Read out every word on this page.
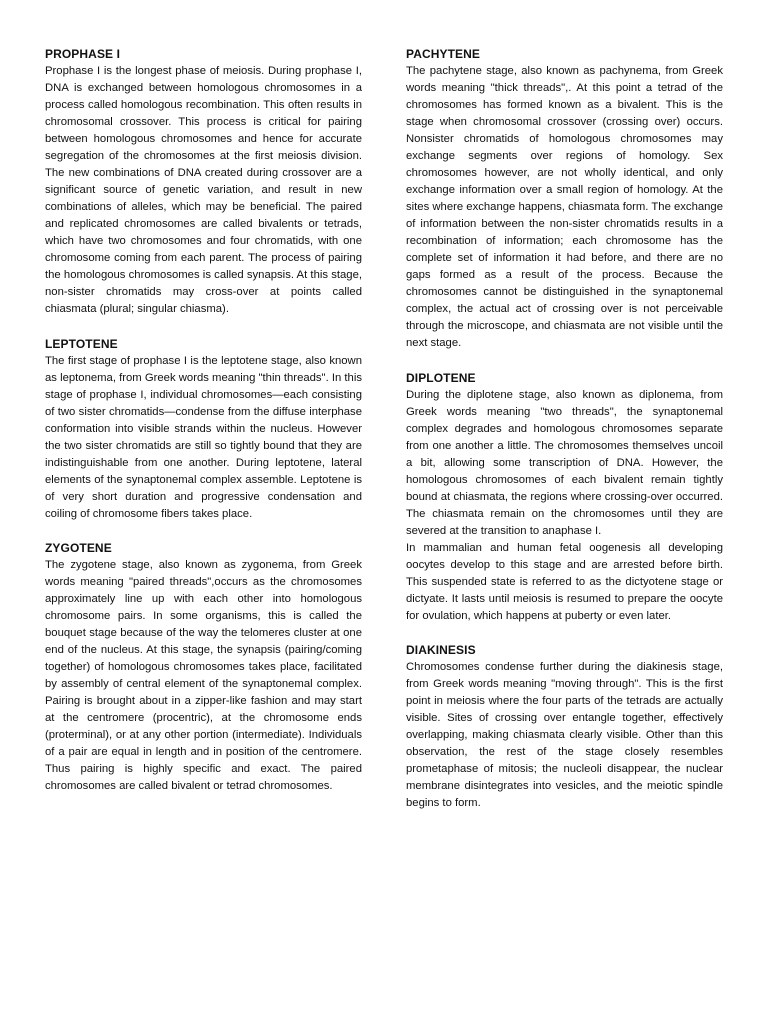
PROPHASE I

Prophase I is the longest phase of meiosis. During prophase I, DNA is exchanged between homologous chromosomes in a process called homologous recombination. This often results in chromosomal crossover. This process is critical for pairing between homologous chromosomes and hence for accurate segregation of the chromosomes at the first meiosis division. The new combinations of DNA created during crossover are a significant source of genetic variation, and result in new combinations of alleles, which may be beneficial. The paired and replicated chromosomes are called bivalents or tetrads, which have two chromosomes and four chromatids, with one chromosome coming from each parent. The process of pairing the homologous chromosomes is called synapsis. At this stage, non-sister chromatids may cross-over at points called chiasmata (plural; singular chiasma).

LEPTOTENE

The first stage of prophase I is the leptotene stage, also known as leptonema, from Greek words meaning "thin threads". In this stage of prophase I, individual chromosomes—each consisting of two sister chromatids—condense from the diffuse interphase conformation into visible strands within the nucleus. However the two sister chromatids are still so tightly bound that they are indistinguishable from one another. During leptotene, lateral elements of the synaptonemal complex assemble. Leptotene is of very short duration and progressive condensation and coiling of chromosome fibers takes place.

ZYGOTENE

The zygotene stage, also known as zygonema, from Greek words meaning "paired threads",occurs as the chromosomes approximately line up with each other into homologous chromosome pairs. In some organisms, this is called the bouquet stage because of the way the telomeres cluster at one end of the nucleus. At this stage, the synapsis (pairing/coming together) of homologous chromosomes takes place, facilitated by assembly of central element of the synaptonemal complex. Pairing is brought about in a zipper-like fashion and may start at the centromere (procentric), at the chromosome ends (proterminal), or at any other portion (intermediate). Individuals of a pair are equal in length and in position of the centromere. Thus pairing is highly specific and exact. The paired chromosomes are called bivalent or tetrad chromosomes.

PACHYTENE

The pachytene stage, also known as pachynema, from Greek words meaning "thick threads",. At this point a tetrad of the chromosomes has formed known as a bivalent. This is the stage when chromosomal crossover (crossing over) occurs. Nonsister chromatids of homologous chromosomes may exchange segments over regions of homology. Sex chromosomes however, are not wholly identical, and only exchange information over a small region of homology. At the sites where exchange happens, chiasmata form. The exchange of information between the non-sister chromatids results in a recombination of information; each chromosome has the complete set of information it had before, and there are no gaps formed as a result of the process. Because the chromosomes cannot be distinguished in the synaptonemal complex, the actual act of crossing over is not perceivable through the microscope, and chiasmata are not visible until the next stage.

DIPLOTENE

During the diplotene stage, also known as diplonema, from Greek words meaning "two threads", the synaptonemal complex degrades and homologous chromosomes separate from one another a little. The chromosomes themselves uncoil a bit, allowing some transcription of DNA. However, the homologous chromosomes of each bivalent remain tightly bound at chiasmata, the regions where crossing-over occurred. The chiasmata remain on the chromosomes until they are severed at the transition to anaphase I.

In mammalian and human fetal oogenesis all developing oocytes develop to this stage and are arrested before birth. This suspended state is referred to as the dictyotene stage or dictyate. It lasts until meiosis is resumed to prepare the oocyte for ovulation, which happens at puberty or even later.

DIAKINESIS

Chromosomes condense further during the diakinesis stage, from Greek words meaning "moving through". This is the first point in meiosis where the four parts of the tetrads are actually visible. Sites of crossing over entangle together, effectively overlapping, making chiasmata clearly visible. Other than this observation, the rest of the stage closely resembles prometaphase of mitosis; the nucleoli disappear, the nuclear membrane disintegrates into vesicles, and the meiotic spindle begins to form.
